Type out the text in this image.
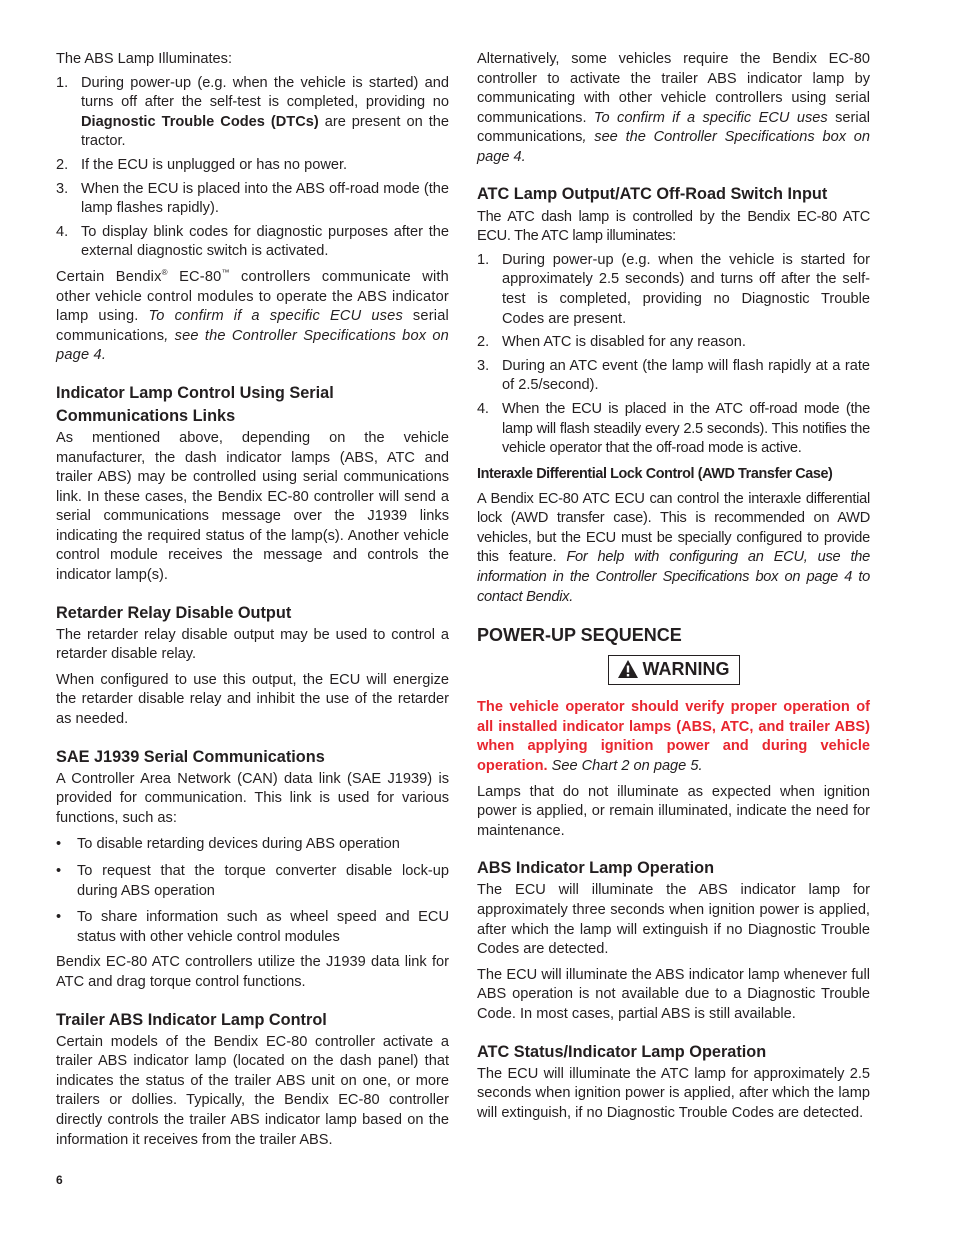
The ABS Lamp Illuminates:

1. During power-up (e.g. when the vehicle is started) and turns off after the self-test is completed, providing no Diagnostic Trouble Codes (DTCs) are present on the tractor.
2. If the ECU is unplugged or has no power.
3. When the ECU is placed into the ABS off-road mode (the lamp flashes rapidly).
4. To display blink codes for diagnostic purposes after the external diagnostic switch is activated.

Certain Bendix® EC-80™ controllers communicate with other vehicle control modules to operate the ABS indicator lamp using. To confirm if a specific ECU uses serial communications, see the Controller Specifications box on page 4.

Indicator Lamp Control Using Serial Communications Links

As mentioned above, depending on the vehicle manufacturer, the dash indicator lamps (ABS, ATC and trailer ABS) may be controlled using serial communications link. In these cases, the Bendix EC-80 controller will send a serial communications message over the J1939 links indicating the required status of the lamp(s). Another vehicle control module receives the message and controls the indicator lamp(s).

Retarder Relay Disable Output

The retarder relay disable output may be used to control a retarder disable relay.

When configured to use this output, the ECU will energize the retarder disable relay and inhibit the use of the retarder as needed.

SAE J1939 Serial Communications

A Controller Area Network (CAN) data link (SAE J1939) is provided for communication. This link is used for various functions, such as:

• To disable retarding devices during ABS operation
• To request that the torque converter disable lock-up during ABS operation
• To share information such as wheel speed and ECU status with other vehicle control modules

Bendix EC-80 ATC controllers utilize the J1939 data link for ATC and drag torque control functions.

Trailer ABS Indicator Lamp Control

Certain models of the Bendix EC-80 controller activate a trailer ABS indicator lamp (located on the dash panel) that indicates the status of the trailer ABS unit on one, or more trailers or dollies. Typically, the Bendix EC-80 controller directly controls the trailer ABS indicator lamp based on the information it receives from the trailer ABS.

Alternatively, some vehicles require the Bendix EC-80 controller to activate the trailer ABS indicator lamp by communicating with other vehicle controllers using serial communications. To confirm if a specific ECU uses serial communications, see the Controller Specifications box on page 4.

ATC Lamp Output/ATC Off-Road Switch Input

The ATC dash lamp is controlled by the Bendix EC-80 ATC ECU. The ATC lamp illuminates:

1. During power-up (e.g. when the vehicle is started for approximately 2.5 seconds) and turns off after the self-test is completed, providing no Diagnostic Trouble Codes are present.
2. When ATC is disabled for any reason.
3. During an ATC event (the lamp will flash rapidly at a rate of 2.5/second).
4. When the ECU is placed in the ATC off-road mode (the lamp will flash steadily every 2.5 seconds). This notifies the vehicle operator that the off-road mode is active.
Interaxle Differential Lock Control (AWD Transfer Case)

A Bendix EC-80 ATC ECU can control the interaxle differential lock (AWD transfer case). This is recommended on AWD vehicles, but the ECU must be specially configured to provide this feature. For help with configuring an ECU, use the information in the Controller Specifications box on page 4 to contact Bendix.

POWER-UP SEQUENCE
WARNING

The vehicle operator should verify proper operation of all installed indicator lamps (ABS, ATC, and trailer ABS) when applying ignition power and during vehicle operation. See Chart 2 on page 5.

Lamps that do not illuminate as expected when ignition power is applied, or remain illuminated, indicate the need for maintenance.

ABS Indicator Lamp Operation

The ECU will illuminate the ABS indicator lamp for approximately three seconds when ignition power is applied, after which the lamp will extinguish if no Diagnostic Trouble Codes are detected.

The ECU will illuminate the ABS indicator lamp whenever full ABS operation is not available due to a Diagnostic Trouble Code. In most cases, partial ABS is still available.

ATC Status/Indicator Lamp Operation

The ECU will illuminate the ATC lamp for approximately 2.5 seconds when ignition power is applied, after which the lamp will extinguish, if no Diagnostic Trouble Codes are detected.

6
